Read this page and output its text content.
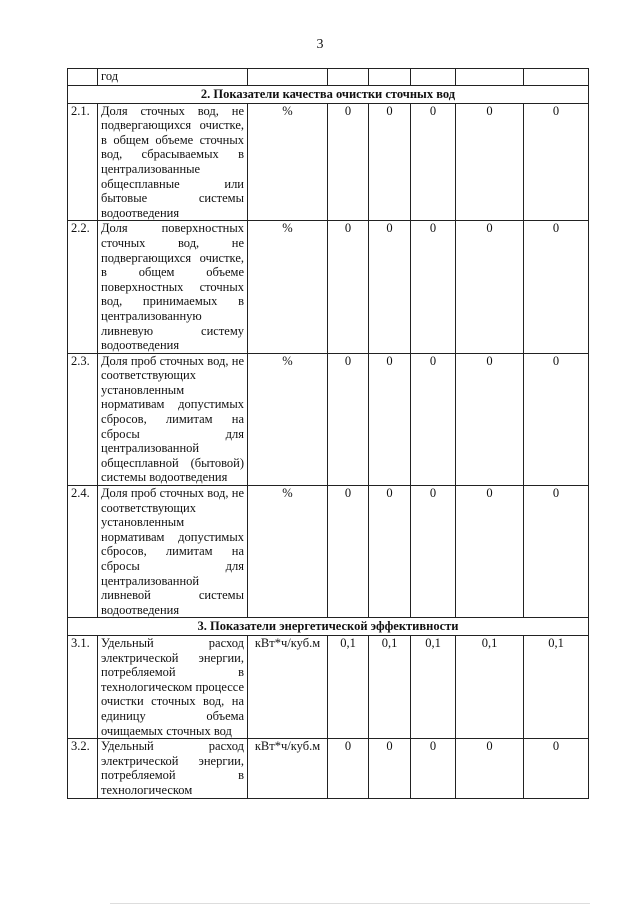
3
	год						
2. Показатели качества очистки сточных вод							
2.1.	Доля сточных вод, не подвергающихся очистке, в общем объеме сточных вод, сбрасываемых в централизованные общесплавные или бытовые системы водоотведения	%	0	0	0	0	0
2.2.	Доля поверхностных сточных вод, не подвергающихся очистке, в общем объеме поверхностных сточных вод, принимаемых в централизованную ливневую систему водоотведения	%	0	0	0	0	0
2.3.	Доля проб сточных вод, не соответствующих установленным нормативам допустимых сбросов, лимитам на сбросы для централизованной общесплавной (бытовой) системы водоотведения	%	0	0	0	0	0
2.4.	Доля проб сточных вод, не соответствующих установленным нормативам допустимых сбросов, лимитам на сбросы для централизованной ливневой системы водоотведения	%	0	0	0	0	0
3. Показатели энергетической эффективности							
3.1.	Удельный расход электрической энергии, потребляемой в технологическом процессе очистки сточных вод, на единицу объема очищаемых сточных вод	кВт*ч/куб.м	0,1	0,1	0,1	0,1	0,1
3.2.	Удельный расход электрической энергии, потребляемой в технологическом	кВт*ч/куб.м	0	0	0	0	0
